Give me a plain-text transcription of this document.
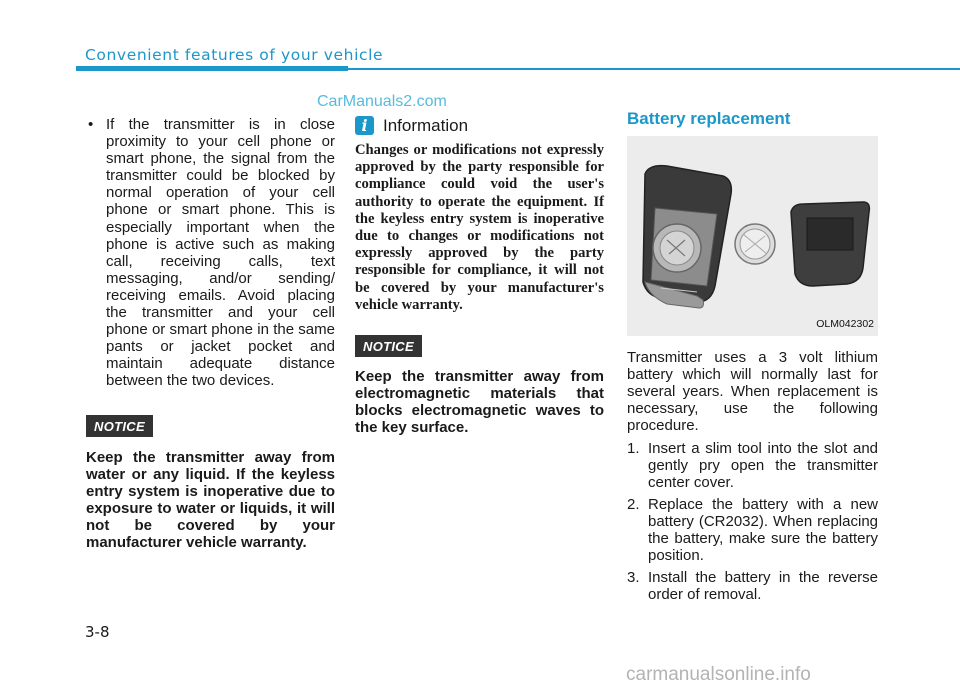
Convenient features of your vehicle
CarManuals2.com
• If the transmitter is in close proximity to your cell phone or smart phone, the signal from the transmitter could be blocked by normal operation of your cell phone or smart phone. This is especially important when the phone is active such as making call, receiving calls, text messaging, and/or sending/ receiving emails. Avoid placing the transmitter and your cell phone or smart phone in the same pants or jacket pocket and maintain adequate distance between the two devices.
NOTICE
Keep the transmitter away from water or any liquid. If the keyless entry system is inoperative due to exposure to water or liquids, it will not be covered by your manufacturer vehicle warranty.
i Information
Changes or modifications not expressly approved by the party responsible for compliance could void the user's authority to operate the equipment. If the keyless entry system is inoperative due to changes or modifications not expressly approved by the party responsible for compliance, it will not be covered by your manufacturer's vehicle warranty.
NOTICE
Keep the transmitter away from electromagnetic materials that blocks electromagnetic waves to the key surface.
Battery replacement
OLM042302
Transmitter uses a 3 volt lithium battery which will normally last for several years. When replacement is necessary, use the following procedure.
1. Insert a slim tool into the slot and gently pry open the transmitter center cover.
2. Replace the battery with a new battery (CR2032). When replacing the battery, make sure the battery position.
3. Install the battery in the reverse order of removal.
3-8
carmanualsonline.info
